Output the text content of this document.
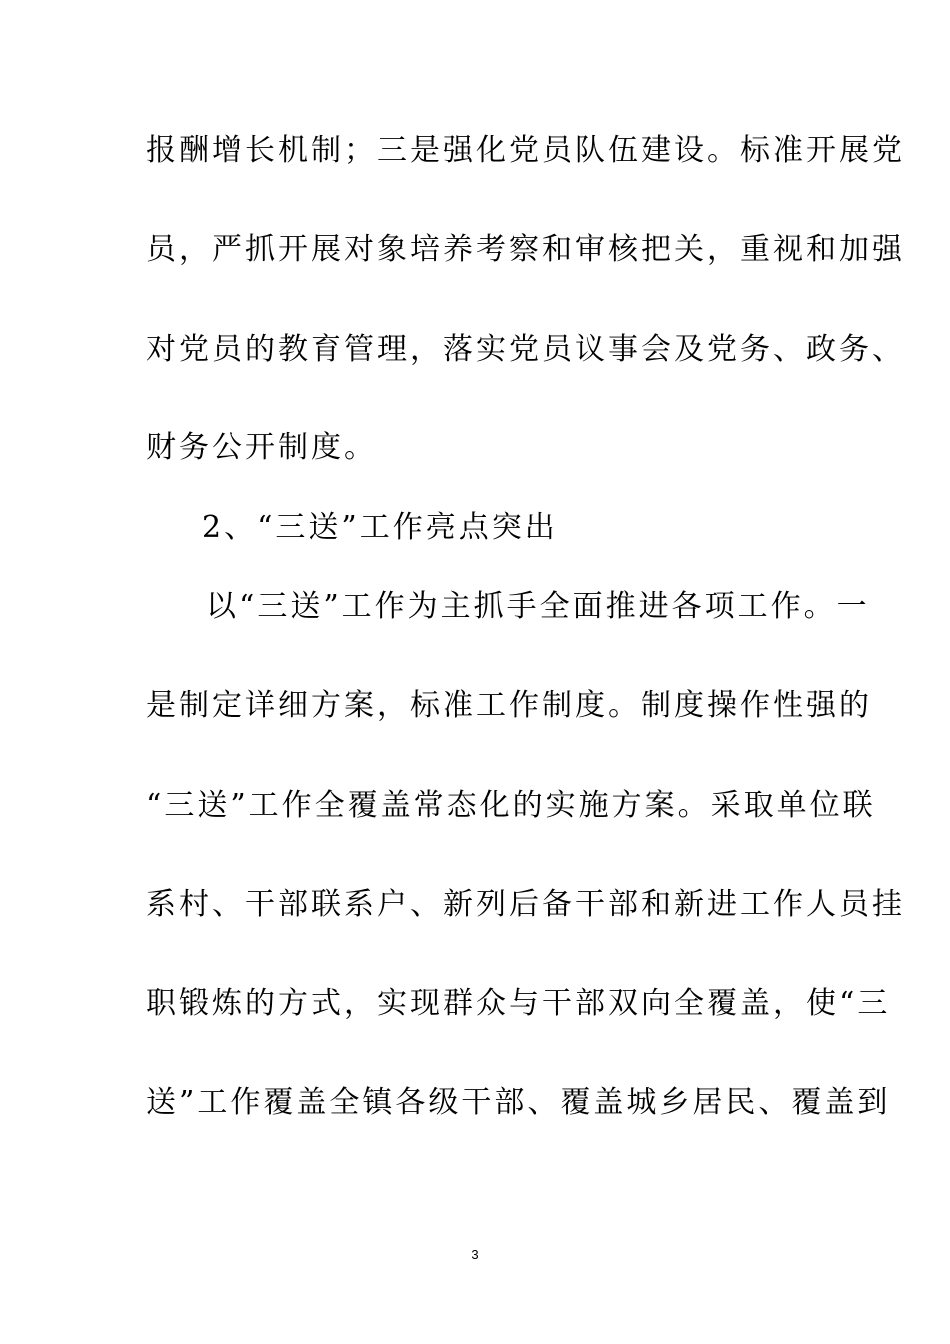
报酬增长机制；三是强化党员队伍建设。标准开展党
员，严抓开展对象培养考察和审核把关，重视和加强
对党员的教育管理，落实党员议事会及党务、政务、
财务公开制度。
2、“三送”工作亮点突出
以“三送”工作为主抓手全面推进各项工作。一
是制定详细方案，标准工作制度。制度操作性强的
“三送”工作全覆盖常态化的实施方案。采取单位联
系村、干部联系户、新列后备干部和新进工作人员挂
职锻炼的方式，实现群众与干部双向全覆盖，使“三
送”工作覆盖全镇各级干部、覆盖城乡居民、覆盖到
3
